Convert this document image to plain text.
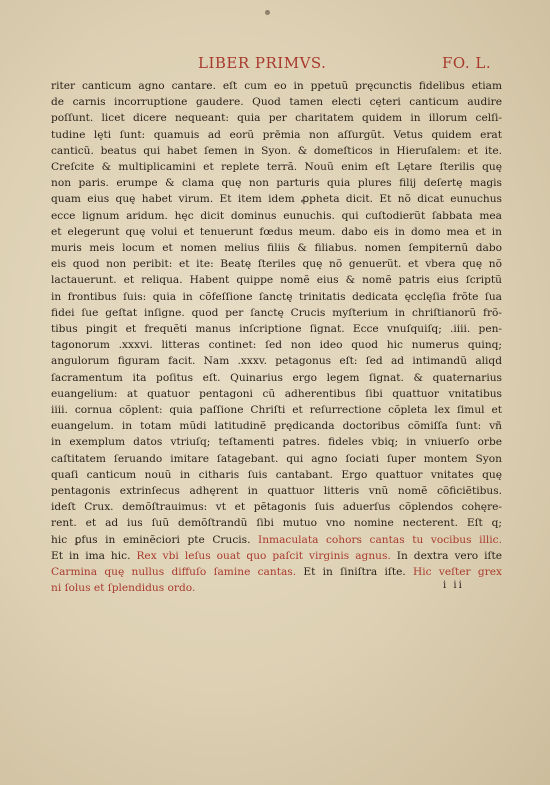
LIBER PRIMVS.	FO. L.
riter canticum agno cantare. eſt cum eo in ppetuũ pręcunctis fidelibus etiam
de carnis incorruptione gaudere. Quod tamen electi cęteri canticum audire
poſſunt. licet dicere nequeant: quia per charitatem quidem in illorum celſi-
tudine lęti ſunt: quamuis ad eorũ prēmia non aſſurgũt. Vetus quidem erat
canticũ. beatus qui habet ſemen in Syon. & domeſticos in Hieruſalem: et ite.
Creſcite & multiplicamini et replete terrã. Nouũ enim eſt Lętare ſterilis quę
non paris. erumpe & clama quę non parturis quia plures filij deſertę magis
quam eius quę habet virum. Et item idem ꝓpheta dicit. Et nõ dicat eunuchus
ecce lignum aridum. hęc dicit dominus eunuchis. qui cuſtodierũt ſabbata mea
et elegerunt quę volui et tenuerunt fœdus meum. dabo eis in domo mea et in
muris meis locum et nomen melius filiis & filiabus. nomen ſempiternũ dabo
eis quod non peribit: et ite: Beatę ſteriles quę nõ genuerũt. et vbera quę nõ
lactauerunt. et reliqua. Habent quippe nomẽ eius & nomẽ patris eius ſcriptũ
in frontibus ſuis: quia in cõfeſſione ſanctę trinitatis dedicata ęcclęſia frõte ſua
fidei ſue geſtat inſigne. quod per ſanctę Crucis myſterium in chriſtianorũ frõ-
tibus pingit et frequẽti manus inſcriptione ſignat. Ecce vnuſquiſq; .iiii. pen-
tagonorum .xxxvi. litteras continet: ſed non ideo quod hic numerus quinq;
angulorum figuram facit. Nam .xxxv. petagonus eſt: ſed ad intimandũ aliqd
ſacramentum ita poſitus eſt. Quinarius ergo legem ſignat. & quaternarius
euangelium: at quatuor pentagoni cũ adherentibus ſibi quattuor vnitatibus
iiii. cornua cõplent: quia paſſione Chriſti et reſurrectione cõpleta lex ſimul et
euangelum. in totam mũdi latitudinẽ prędicanda doctoribus cõmiſſa ſunt: vñ
in exemplum datos vtriuſq; teſtamenti patres. fideles vbiq; in vniuerſo orbe
caſtitatem ſeruando imitare ſatagebant. qui agno ſociati ſuper montem Syon
quaſi canticum nouũ in citharis ſuis cantabant. Ergo quattuor vnitates quę
pentagonis extrinſecus adhęrent in quattuor litteris vnũ nomẽ cõficiẽtibus.
ideſt Crux. demõſtrauimus: vt et pẽtagonis ſuis aduerſus cõplendos cohęre-
rent. et ad ius ſuũ demõſtrandũ ſibi mutuo vno nomine necterent. Eſt q;
hic ꝑfus in eminẽciori pte Crucis. Inmaculata cohors cantas tu vocibus illic.
Et in ima hic. Rex vbi leſus ouat quo paſcit virginis agnus. In dextra vero iſte
Carmina quę nullus diffuſo ſamine cantas. Et in ſiniſtra iſte. Hic veſter grex
ni ſolus et ſplendidus ordo.	i ii
